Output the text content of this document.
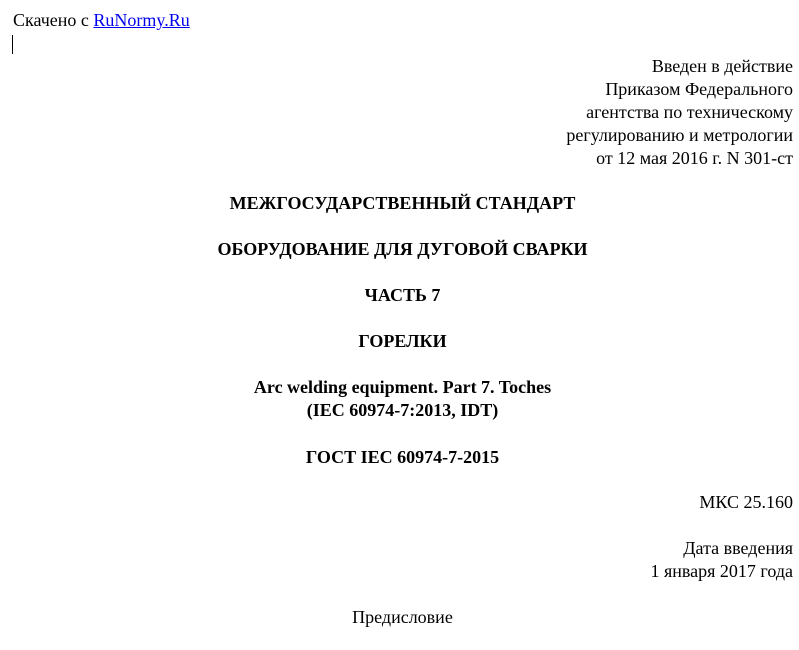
Скачено с RuNormy.Ru
Введен в действие
Приказом Федерального
агентства по техническому
регулированию и метрологии
от 12 мая 2016 г. N 301-ст
МЕЖГОСУДАРСТВЕННЫЙ СТАНДАРТ
ОБОРУДОВАНИЕ ДЛЯ ДУГОВОЙ СВАРКИ
ЧАСТЬ 7
ГОРЕЛКИ
Arc welding equipment. Part 7. Toches
(IEC 60974-7:2013, IDT)
ГОСТ IEC 60974-7-2015
МКС 25.160
Дата введения
1 января 2017 года
Предисловие
